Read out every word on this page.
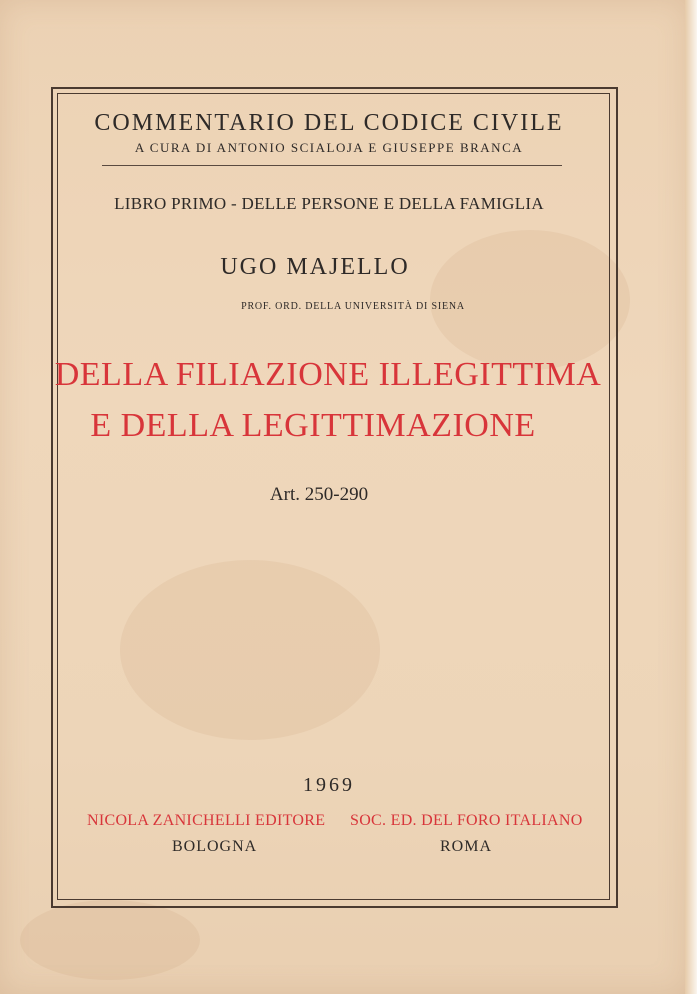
COMMENTARIO DEL CODICE CIVILE
A CURA DI ANTONIO SCIALOJA E GIUSEPPE BRANCA
LIBRO PRIMO - DELLE PERSONE E DELLA FAMIGLIA
UGO MAJELLO
PROF. ORD. DELLA UNIVERSITÀ DI SIENA
DELLA FILIAZIONE ILLEGITTIMA
E DELLA LEGITTIMAZIONE
Art. 250-290
1969
NICOLA ZANICHELLI EDITORE SOC. ED. DEL FORO ITALIANO
BOLOGNA	ROMA
